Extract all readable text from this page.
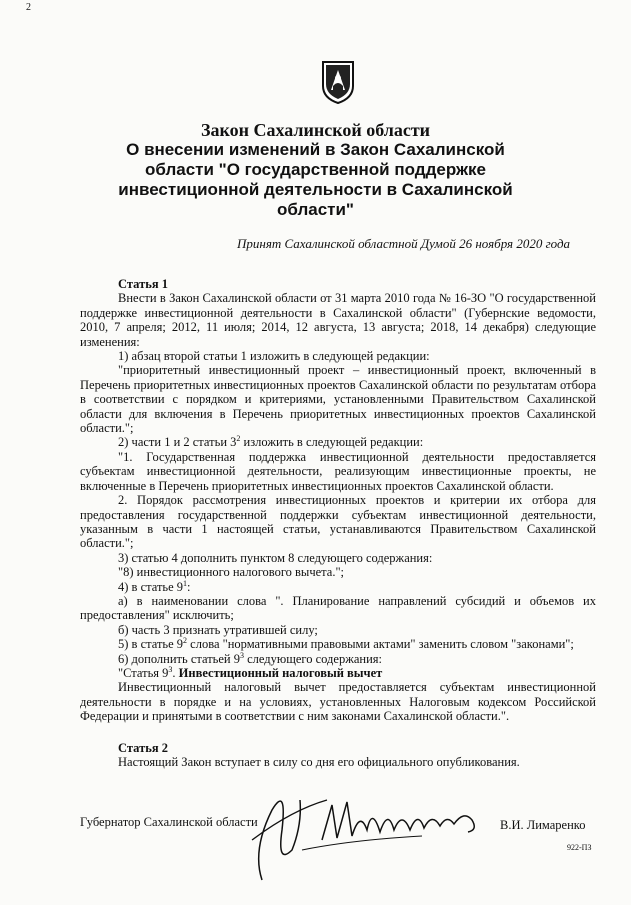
2
Закон Сахалинской области
О внесении изменений в Закон Сахалинской
области "О государственной поддержке
инвестиционной деятельности в Сахалинской
области"
Принят Сахалинской областной Думой 26 ноября 2020 года

Статья 1

Внести в Закон Сахалинской области от 31 марта 2010 года № 16-ЗО "О государственной поддержке инвестиционной деятельности в Сахалинской области" (Губернские ведомости, 2010, 7 апреля; 2012, 11 июля; 2014, 12 августа, 13 августа; 2018, 14 декабря) следующие изменения:

1) абзац второй статьи 1 изложить в следующей редакции:

"приоритетный инвестиционный проект – инвестиционный проект, включенный в Перечень приоритетных инвестиционных проектов Сахалинской области по результатам отбора в соответствии с порядком и критериями, установленными Правительством Сахалинской области для включения в Перечень приоритетных инвестиционных проектов Сахалинской области.";

2) части 1 и 2 статьи $3^2$ изложить в следующей редакции:

"1. Государственная поддержка инвестиционной деятельности предоставляется субъектам инвестиционной деятельности, реализующим инвестиционные проекты, не включенные в Перечень приоритетных инвестиционных проектов Сахалинской области.

2. Порядок рассмотрения инвестиционных проектов и критерии их отбора для предоставления государственной поддержки субъектам инвестиционной деятельности, указанным в части 1 настоящей статьи, устанавливаются Правительством Сахалинской области.";

3) статью 4 дополнить пунктом 8 следующего содержания:

"8) инвестиционного налогового вычета.";

4) в статье $9^1$:

а) в наименовании слова ". Планирование направлений субсидий и объемов их предоставления" исключить;

б) часть 3 признать утратившей силу;

5) в статье $9^2$ слова "нормативными правовыми актами" заменить словом "законами";

6) дополнить статьей $9^3$ следующего содержания:

"Статья $9^3$. Инвестиционный налоговый вычет

Инвестиционный налоговый вычет предоставляется субъектам инвестиционной деятельности в порядке и на условиях, установленных Налоговым кодексом Российской Федерации и принятыми в соответствии с ним законами Сахалинской области.".

Статья 2

Настоящий Закон вступает в силу со дня его официального опубликования.

Губернатор Сахалинской области	В.И. Лимаренко
922-ПЗ
